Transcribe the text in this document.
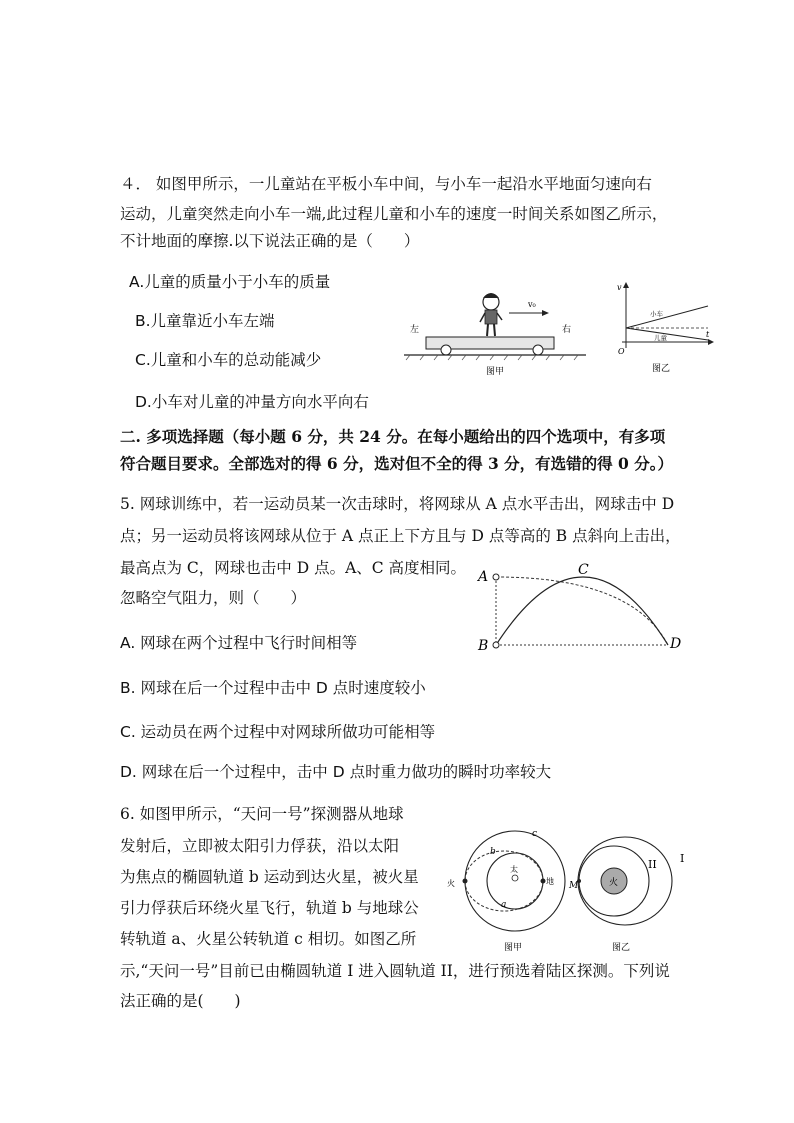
４． 如图甲所示，一儿童站在平板小车中间，与小车一起沿水平地面匀速向右
运动，儿童突然走向小车一端,此过程儿童和小车的速度一时间关系如图乙所示，
不计地面的摩擦.以下说法正确的是（　　）
A.儿童的质量小于小车的质量
B.儿童靠近小车左端
C.儿童和小车的总动能减少
D.小车对儿童的冲量方向水平向右
v₀
左	右
图甲
v
t
O
小车
儿童
图乙
二. 多项选择题（每小题 6 分，共 24 分。在每小题给出的四个选项中，有多项
符合题目要求。全部选对的得 6 分，选对但不全的得 3 分，有选错的得 0 分。）
5. 网球训练中，若一运动员某一次击球时，将网球从 A 点水平击出，网球击中 D
点；另一运动员将该网球从位于 A 点正上下方且与 D 点等高的 B 点斜向上击出，
最高点为 C，网球也击中 D 点。A、C 高度相同。
忽略空气阻力，则（　　）
A. 网球在两个过程中飞行时间相等
B. 网球在后一个过程中击中 D 点时速度较小
C. 运动员在两个过程中对网球所做功可能相等
D. 网球在后一个过程中，击中 D 点时重力做功的瞬时功率较大
A
B
C
D
6. 如图甲所示，“天问一号”探测器从地球
发射后，立即被太阳引力俘获，沿以太阳
为焦点的椭圆轨道 b 运动到达火星，被火星
引力俘获后环绕火星飞行，轨道 b 与地球公
转轨道 a、火星公转轨道 c 相切。如图乙所
示,“天问一号”目前已由椭圆轨道 I 进入圆轨道 II，进行预选着陆区探测。下列说
法正确的是(　　)
c
b
a
太
地
火
图甲
火
M
II I
图乙
